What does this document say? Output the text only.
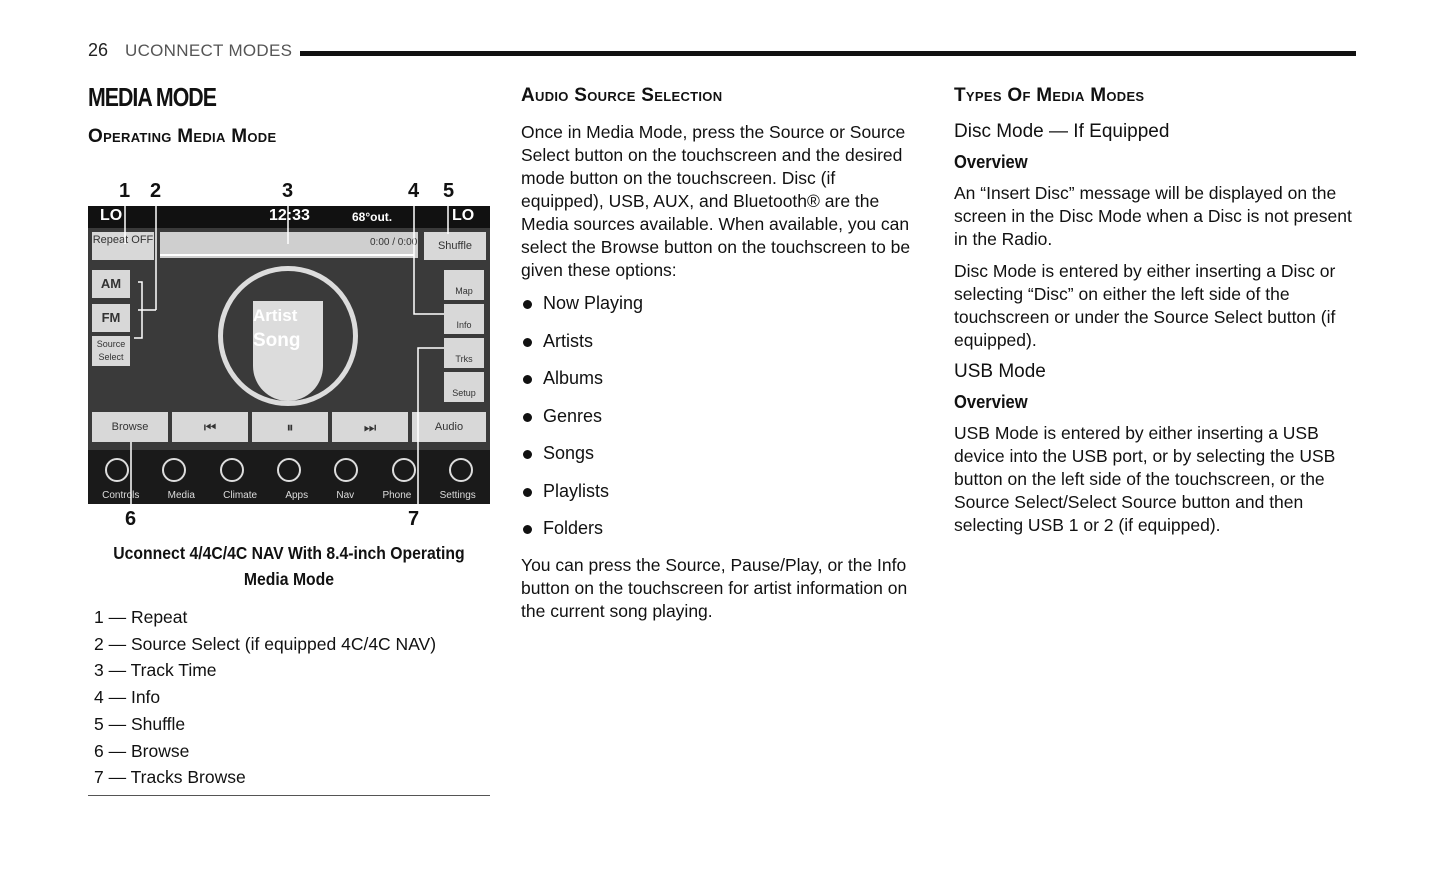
26 UCONNECT MODES
MEDIA MODE
Operating Media Mode
1 2	3	4 5
6	7
LO	12:33	68°out.	LO
0:00 / 0:00
Repeat OFF	Shuffle
AM
FM
Source Select
Artist
Song
Map
Info
Trks
Setup
Browse	⏮	⏸	⏭	Audio
Controls	Media	Climate	Apps	Nav	Phone	Settings
Uconnect 4/4C/4C NAV With 8.4-inch Operating Media Mode
1 — Repeat
2 — Source Select (if equipped 4C/4C NAV)
3 — Track Time
4 — Info
5 — Shuffle
6 — Browse
7 — Tracks Browse
Audio Source Selection

Once in Media Mode, press the Source or Source Select button on the touchscreen and the desired mode button on the touchscreen. Disc (if equipped), USB, AUX, and Bluetooth® are the Media sources available. When available, you can select the Browse button on the touchscreen to be given these options:

Now Playing
Artists
Albums
Genres
Songs
Playlists
Folders

You can press the Source, Pause/Play, or the Info button on the touchscreen for artist information on the current song playing.

Types Of Media Modes
Disc Mode — If Equipped
Overview

An “Insert Disc” message will be displayed on the screen in the Disc Mode when a Disc is not present in the Radio.

Disc Mode is entered by either inserting a Disc or selecting “Disc” on either the left side of the touchscreen or under the Source Select button (if equipped).

USB Mode
Overview

USB Mode is entered by either inserting a USB device into the USB port, or by selecting the USB button on the left side of the touchscreen, or the Source Select/Select Source button and then selecting USB 1 or 2 (if equipped).
